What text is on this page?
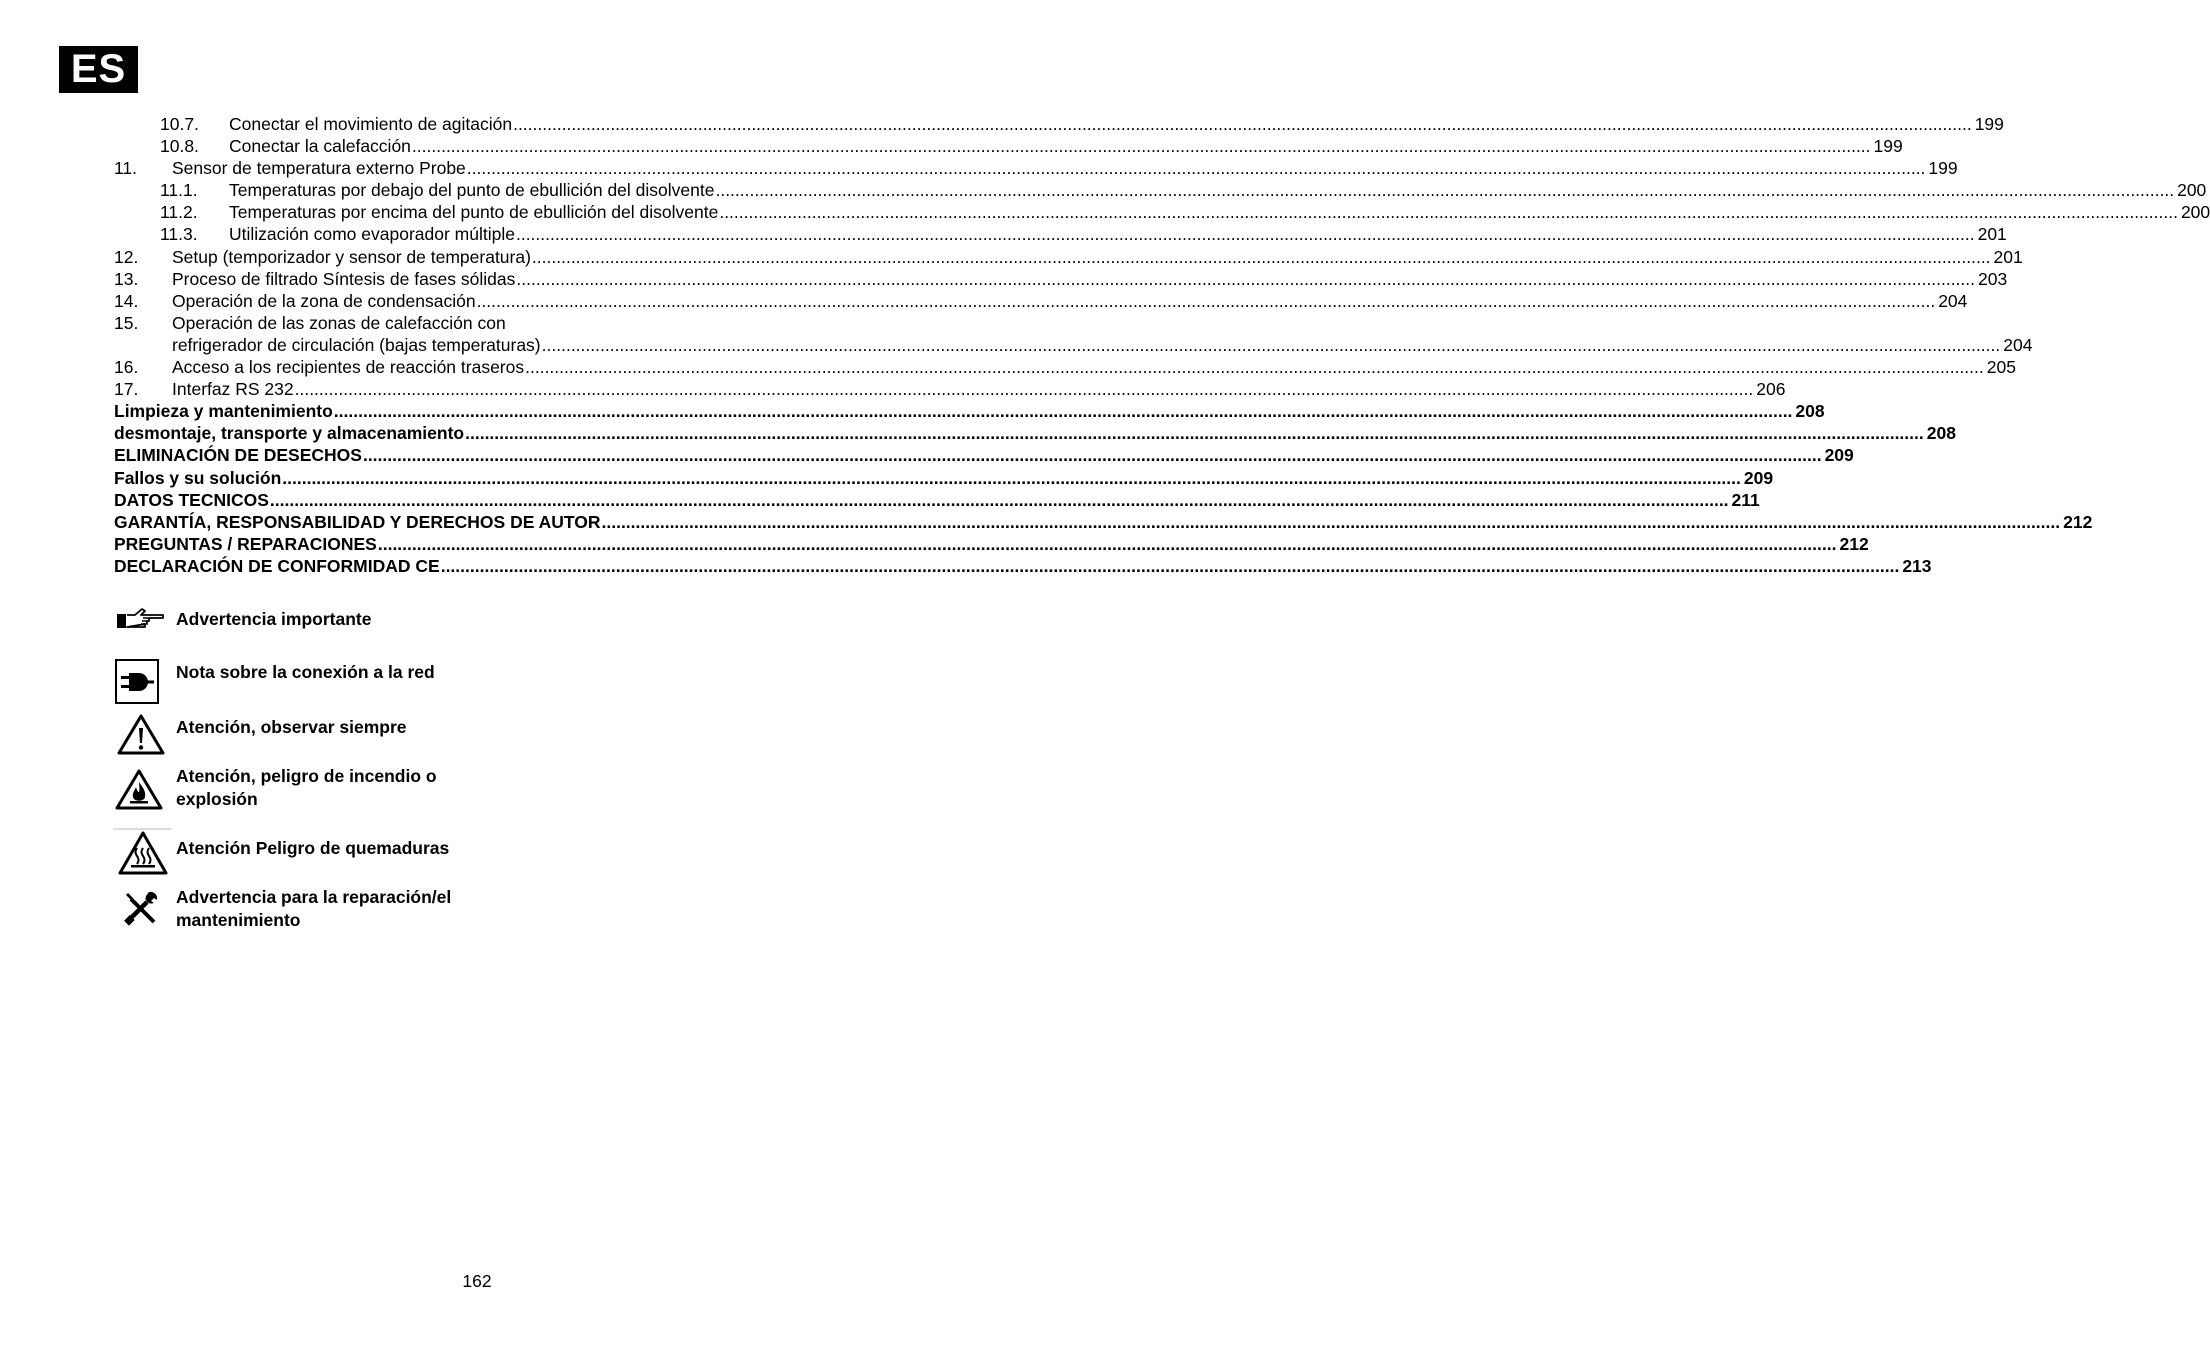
ES
10.7. Conectar el movimiento de agitación ............................................................................................................................................................................................................................................................................................................ 199
10.8. Conectar la calefacción ............................................................................................................................................................................................................................................................................................................ 199
11. Sensor de temperatura externo Probe ............................................................................................................................................................................................................................................................................................................ 199
11.1. Temperaturas por debajo del punto de ebullición del disolvente ............................................................................................................................................................................................................................................................................................................ 200
11.2. Temperaturas por encima del punto de ebullición del disolvente ............................................................................................................................................................................................................................................................................................................ 200
11.3. Utilización como evaporador múltiple ............................................................................................................................................................................................................................................................................................................ 201
12. Setup (temporizador y sensor de temperatura) ............................................................................................................................................................................................................................................................................................................ 201
13. Proceso de filtrado Síntesis de fases sólidas ............................................................................................................................................................................................................................................................................................................ 203
14. Operación de la zona de condensación ............................................................................................................................................................................................................................................................................................................ 204
15. Operación de las zonas de calefacción con
refrigerador de circulación (bajas temperaturas) ............................................................................................................................................................................................................................................................................................................ 204
16. Acceso a los recipientes de reacción traseros ............................................................................................................................................................................................................................................................................................................ 205
17. Interfaz RS 232 ............................................................................................................................................................................................................................................................................................................ 206
Limpieza y mantenimiento ............................................................................................................................................................................................................................................................................................................ 208
desmontaje, transporte y almacenamiento ............................................................................................................................................................................................................................................................................................................ 208
ELIMINACIÓN DE DESECHOS ............................................................................................................................................................................................................................................................................................................ 209
Fallos y su solución ............................................................................................................................................................................................................................................................................................................ 209
DATOS TECNICOS ............................................................................................................................................................................................................................................................................................................ 211
GARANTÍA, RESPONSABILIDAD Y DERECHOS DE AUTOR ............................................................................................................................................................................................................................................................................................................ 212
PREGUNTAS / REPARACIONES ............................................................................................................................................................................................................................................................................................................ 212
DECLARACIÓN DE CONFORMIDAD CE ............................................................................................................................................................................................................................................................................................................ 213
Advertencia importante
Nota sobre la conexión a la red
Atención, observar siempre
Atención, peligro de incendio o explosión
Atención Peligro de quemaduras
Advertencia para la reparación/el mantenimiento
162
